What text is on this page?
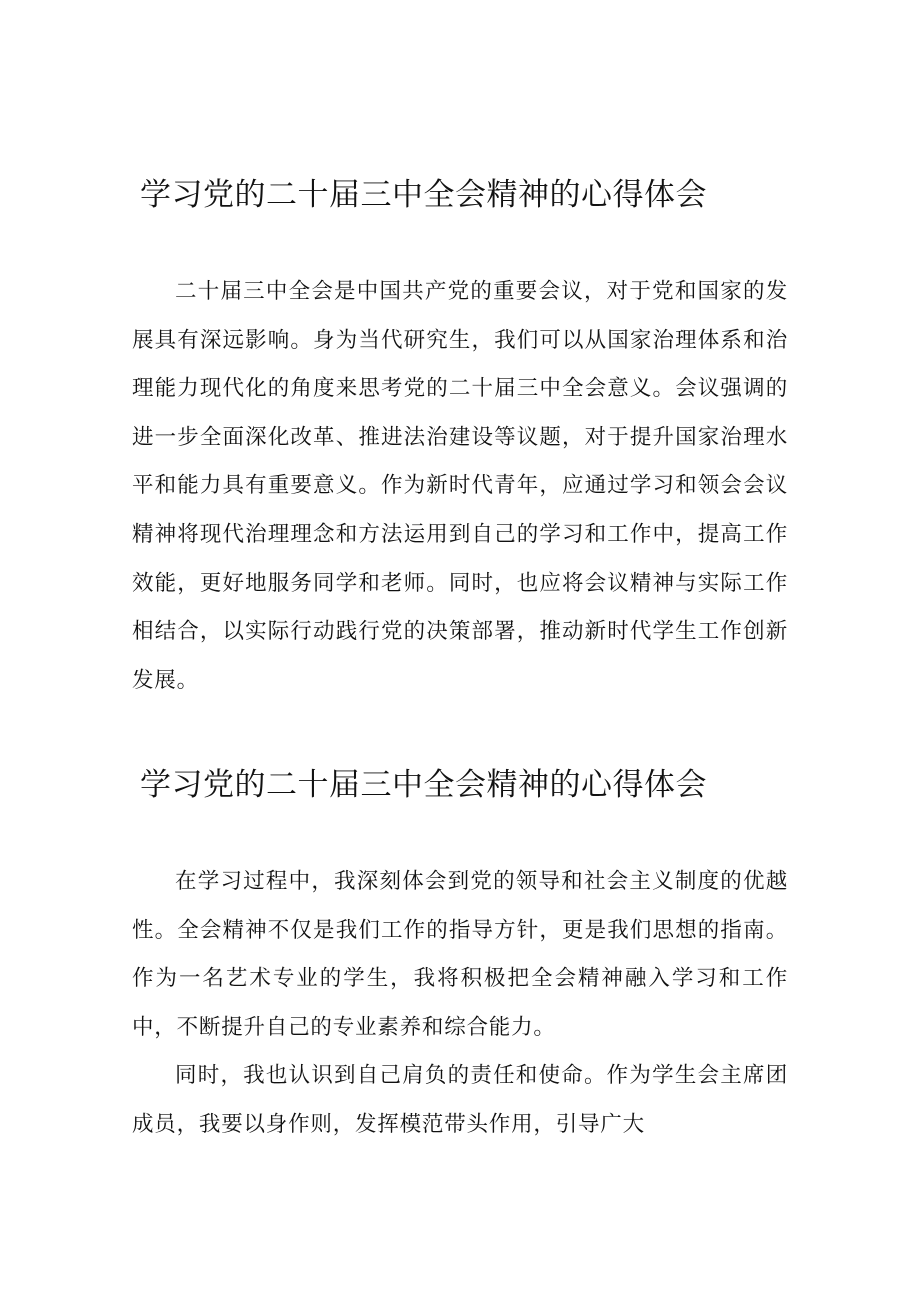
学习党的二十届三中全会精神的心得体会

二十届三中全会是中国共产党的重要会议，对于党和国家的发展具有深远影响。身为当代研究生，我们可以从国家治理体系和治理能力现代化的角度来思考党的二十届三中全会意义。会议强调的进一步全面深化改革、推进法治建设等议题，对于提升国家治理水平和能力具有重要意义。作为新时代青年，应通过学习和领会会议精神将现代治理理念和方法运用到自己的学习和工作中，提高工作效能，更好地服务同学和老师。同时，也应将会议精神与实际工作相结合，以实际行动践行党的决策部署，推动新时代学生工作创新发展。

学习党的二十届三中全会精神的心得体会

在学习过程中，我深刻体会到党的领导和社会主义制度的优越性。全会精神不仅是我们工作的指导方针，更是我们思想的指南。作为一名艺术专业的学生，我将积极把全会精神融入学习和工作中，不断提升自己的专业素养和综合能力。

同时，我也认识到自己肩负的责任和使命。作为学生会主席团成员，我要以身作则，发挥模范带头作用，引导广大
